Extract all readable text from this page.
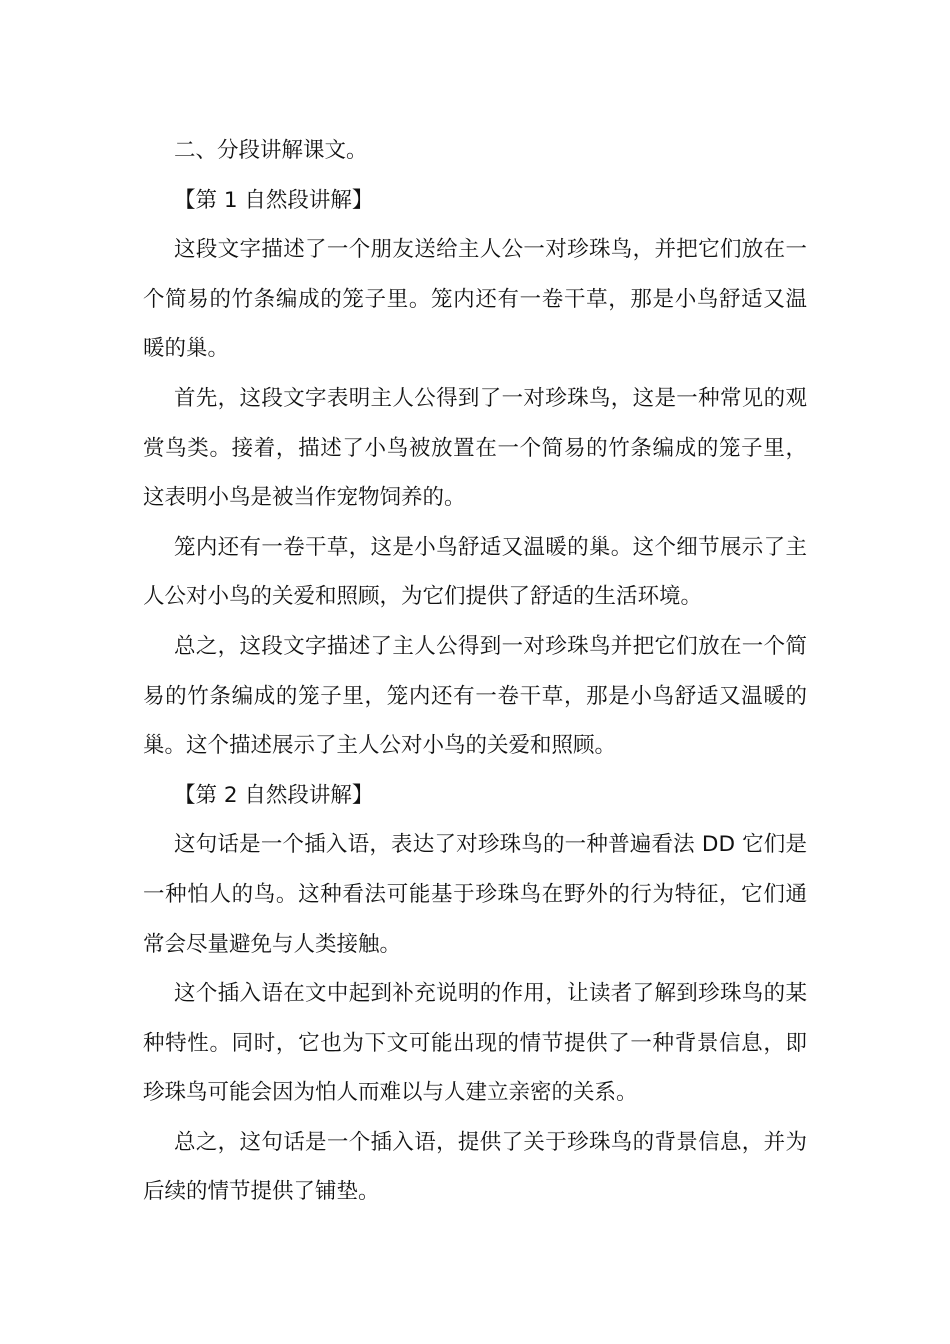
二、分段讲解课文。

【第 1 自然段讲解】

这段文字描述了一个朋友送给主人公一对珍珠鸟，并把它们放在一个简易的竹条编成的笼子里。笼内还有一卷干草，那是小鸟舒适又温暖的巢。

首先，这段文字表明主人公得到了一对珍珠鸟，这是一种常见的观赏鸟类。接着，描述了小鸟被放置在一个简易的竹条编成的笼子里，这表明小鸟是被当作宠物饲养的。

笼内还有一卷干草，这是小鸟舒适又温暖的巢。这个细节展示了主人公对小鸟的关爱和照顾，为它们提供了舒适的生活环境。

总之，这段文字描述了主人公得到一对珍珠鸟并把它们放在一个简易的竹条编成的笼子里，笼内还有一卷干草，那是小鸟舒适又温暖的巢。这个描述展示了主人公对小鸟的关爱和照顾。

【第 2 自然段讲解】

这句话是一个插入语，表达了对珍珠鸟的一种普遍看法 DD 它们是一种怕人的鸟。这种看法可能基于珍珠鸟在野外的行为特征，它们通常会尽量避免与人类接触。

这个插入语在文中起到补充说明的作用，让读者了解到珍珠鸟的某种特性。同时，它也为下文可能出现的情节提供了一种背景信息，即珍珠鸟可能会因为怕人而难以与人建立亲密的关系。

总之，这句话是一个插入语，提供了关于珍珠鸟的背景信息，并为后续的情节提供了铺垫。
